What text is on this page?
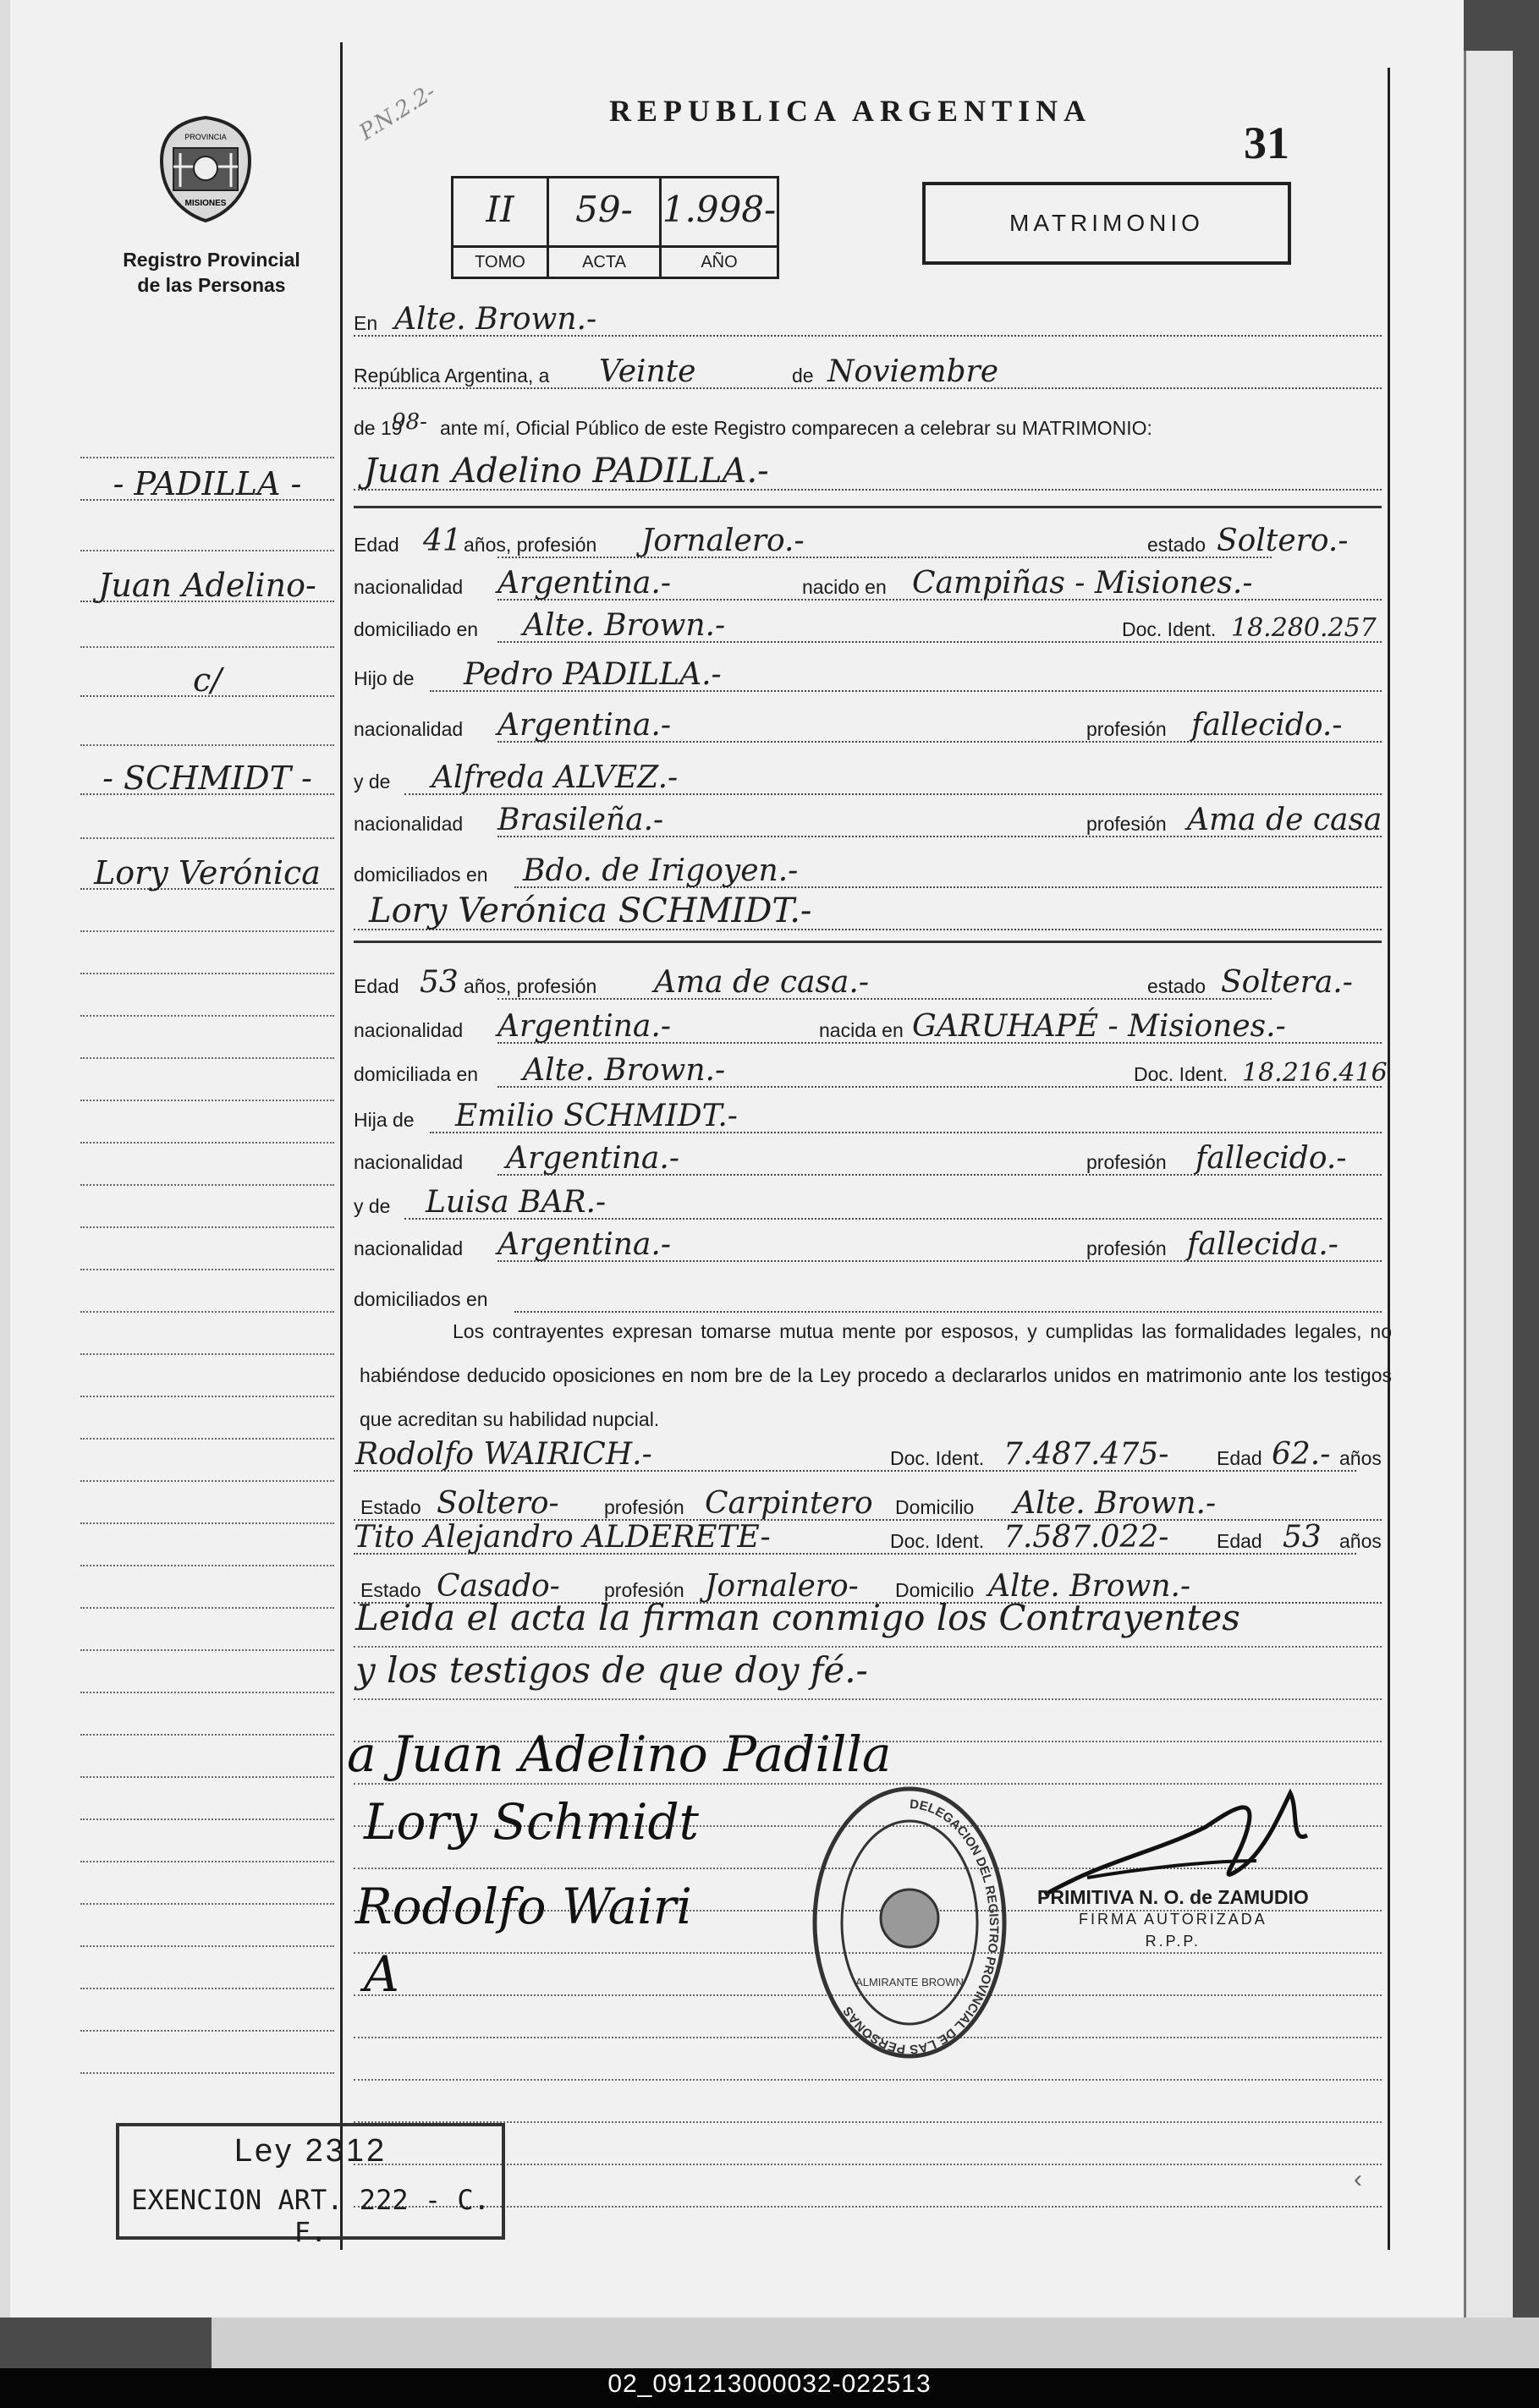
02_091213000032-022513
PROVINCIA
MISIONES
Registro Provincial
de las Personas
REPUBLICA ARGENTINA
31
P.N.2.2-
II
TOMO
59-
ACTA
1.998-
AÑO
MATRIMONIO
En Alte. Brown.-
República Argentina, a Veinte	de Noviembre
de 19
98- ante mí, Oficial Público de este Registro comparecen a celebrar su MATRIMONIO:
Juan Adelino PADILLA.-
Edad 41 años, profesión Jornalero.-	estado Soltero.-
nacionalidad Argentina.-	nacido en Campiñas - Misiones.-
domiciliado en Alte. Brown.-	Doc. Ident. 18.280.257
Hijo de Pedro PADILLA.-
nacionalidad Argentina.-	profesión fallecido.-
y de Alfreda ALVEZ.-
nacionalidad Brasileña.-	profesión Ama de casa
domiciliados en Bdo. de Irigoyen.-
Lory Verónica SCHMIDT.-
Edad 53 años, profesión Ama de casa.-	estado Soltera.-
nacionalidad Argentina.-	nacida en GARUHAPÉ - Misiones.-
domiciliada en Alte. Brown.-	Doc. Ident. 18.216.416
Hija de Emilio SCHMIDT.-
nacionalidad Argentina.-	profesión fallecido.-
y de Luisa BAR.-
nacionalidad Argentina.-	profesión fallecida.-
domiciliados en
- PADILLA -
Juan Adelino-
c/
- SCHMIDT -
Lory Verónica
Los contrayentes expresan tomarse mutua mente por esposos, y cumplidas las formalidades legales, no habiéndose deducido oposiciones en nom bre de la Ley procedo a declararlos unidos en matrimonio ante los testigos que acreditan su habilidad nupcial.
Rodolfo WAIRICH.-	Doc. Ident. 7.487.475- Edad 62.- años
Estado Soltero- profesión Carpintero Domicilio Alte. Brown.-
Tito Alejandro ALDERETE-	Doc. Ident. 7.587.022- Edad 53 años
Estado Casado- profesión Jornalero- Domicilio Alte. Brown.-
Leida el acta la firman conmigo los Contrayentes
y los testigos de que doy fé.-
a Juan Adelino Padilla
Lory Schmidt
Rodolfo Wairi
A
DELEGACION DEL REGISTRO PROVINCIAL DE LAS PERSONAS
ALMIRANTE BROWN
PRIMITIVA N. O. de ZAMUDIO
FIRMA AUTORIZADA
R.P.P.
Ley 2312
EXENCION ART. 222 - C. F.
‹
